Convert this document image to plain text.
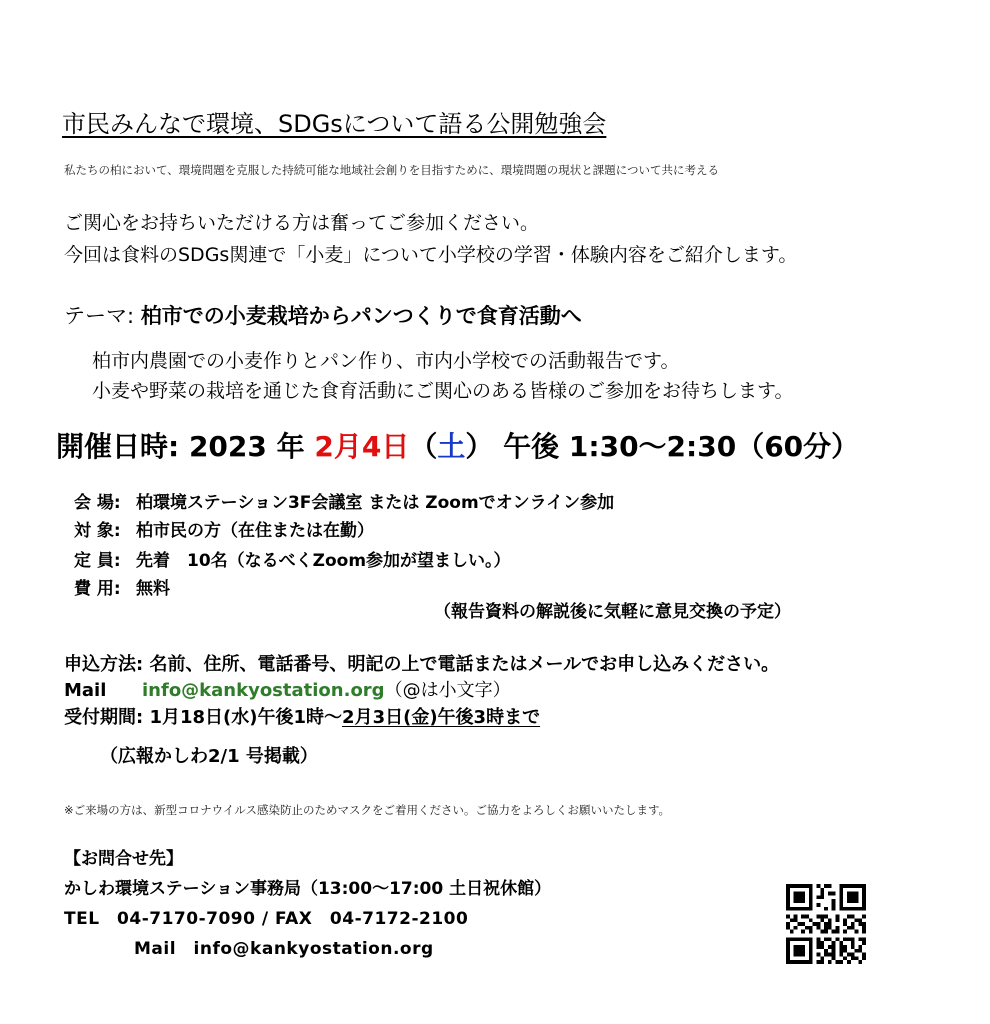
市民みんなで環境、SDGsについて語る公開勉強会
私たちの柏において、環境問題を克服した持続可能な地域社会創りを目指すために、環境問題の現状と課題について共に考える
ご関心をお持ちいただける方は奮ってご参加ください。
今回は食料のSDGs関連で「小麦」について小学校の学習・体験内容をご紹介します。
テーマ: 柏市での小麦栽培からパンつくりで食育活動へ
柏市内農園での小麦作りとパン作り、市内小学校での活動報告です。
小麦や野菜の栽培を通じた食育活動にご関心のある皆様のご参加をお待ちします。
開催日時: 2023 年 2月4日（土） 午後 1:30～2:30（60分）
会 場: 柏環境ステーション3F会議室 または Zoomでオンライン参加
対 象: 柏市民の方（在住または在勤）
定 員: 先着　10名（なるべくZoom参加が望ましい。）
費 用: 無料
（報告資料の解説後に気軽に意見交換の予定）
申込方法: 名前、住所、電話番号、明記の上で電話またはメールでお申し込みください。
Mail info@kankyostation.org（@は小文字）
受付期間: 1月18日(水)午後1時～2月3日(金)午後3時まで
（広報かしわ2/1 号掲載）
※ご来場の方は、新型コロナウイルス感染防止のためマスクをご着用ください。ご協力をよろしくお願いいたします。
【お問合せ先】
かしわ環境ステーション事務局（13:00～17:00 土日祝休館）
TEL　04-7170-7090 / FAX　04-7172-2100
Mail　info@kankyostation.org
